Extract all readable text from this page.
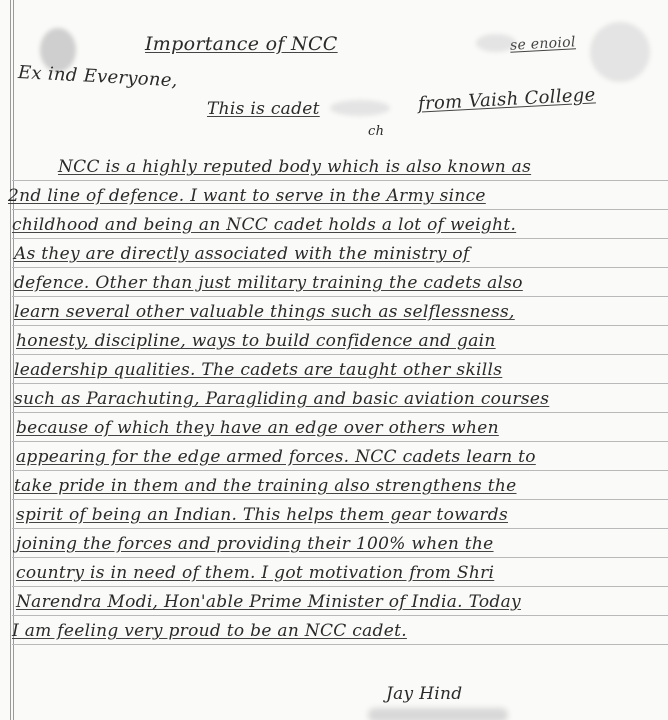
Importance of NCC	se enoiol
Ex ind Everyone,
This is cadet	from Vaish College
ch
NCC is a highly reputed body which is also known as
2nd line of defence. I want to serve in the Army since
childhood and being an NCC cadet holds a lot of weight.
As they are directly associated with the ministry of
defence. Other than just military training the cadets also
learn several other valuable things such as selflessness,
honesty, discipline, ways to build confidence and gain
leadership qualities. The cadets are taught other skills
such as Parachuting, Paragliding and basic aviation courses
because of which they have an edge over others when
appearing for the edge armed forces. NCC cadets learn to
take pride in them and the training also strengthens the
spirit of being an Indian. This helps them gear towards
joining the forces and providing their 100% when the
country is in need of them. I got motivation from Shri
Narendra Modi, Hon'able Prime Minister of India. Today
I am feeling very proud to be an NCC cadet.
Jay Hind
